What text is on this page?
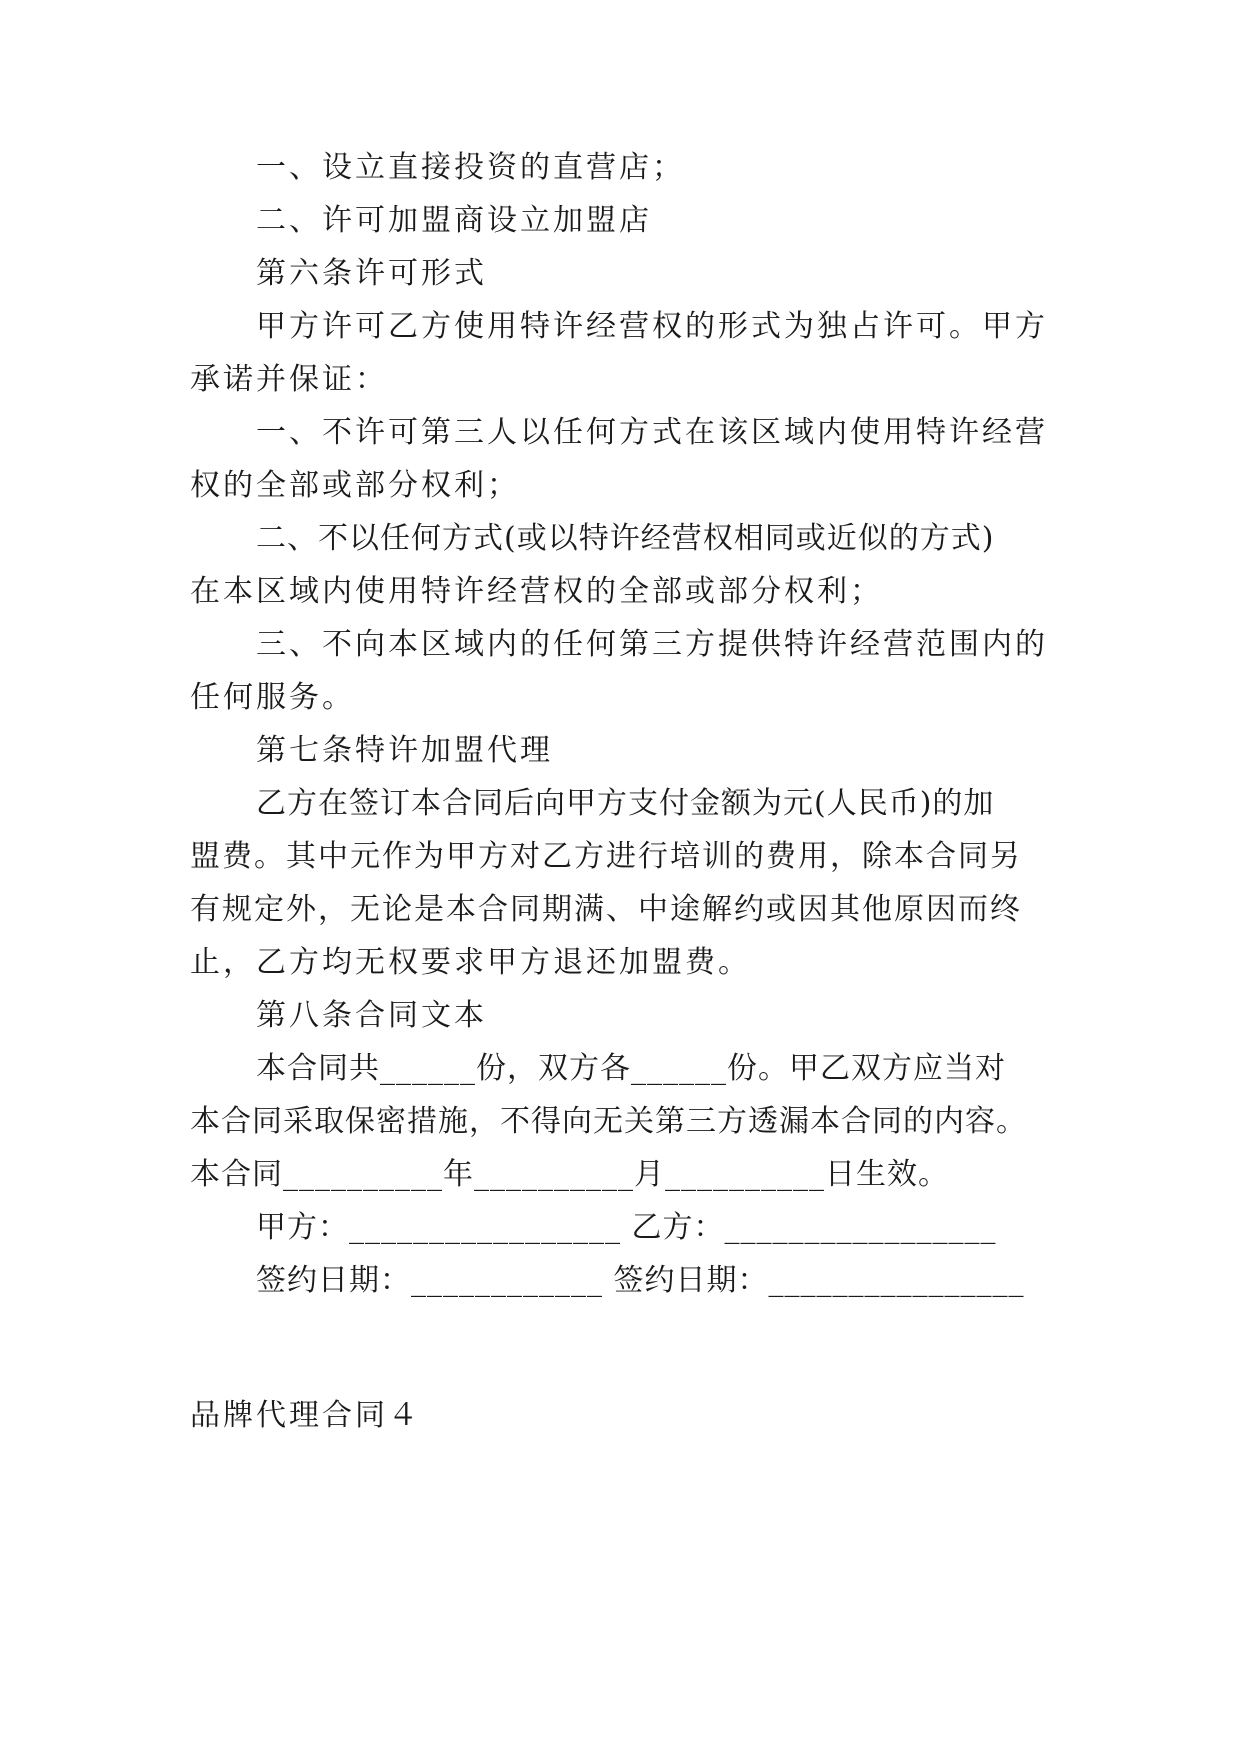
一、设立直接投资的直营店；
二、许可加盟商设立加盟店
第六条许可形式
甲方许可乙方使用特许经营权的形式为独占许可。甲方
承诺并保证：
一、不许可第三人以任何方式在该区域内使用特许经营
权的全部或部分权利；
二、不以任何方式(或以特许经营权相同或近似的方式)
在本区域内使用特许经营权的全部或部分权利；
三、不向本区域内的任何第三方提供特许经营范围内的
任何服务。
第七条特许加盟代理
乙方在签订本合同后向甲方支付金额为元(人民币)的加
盟费。其中元作为甲方对乙方进行培训的费用，除本合同另
有规定外，无论是本合同期满、中途解约或因其他原因而终
止，乙方均无权要求甲方退还加盟费。
第八条合同文本
本合同共______份，双方各______份。甲乙双方应当对
本合同采取保密措施，不得向无关第三方透漏本合同的内容。
本合同__________年__________月__________日生效。
甲方：_________________ 乙方：_________________
签约日期：____________ 签约日期：________________
品牌代理合同４
